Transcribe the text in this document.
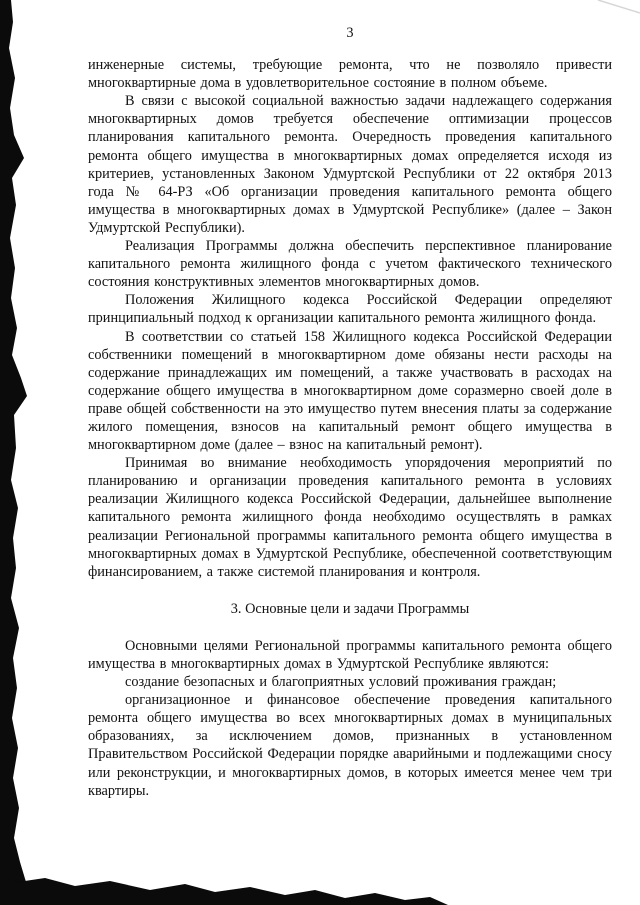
3

инженерные системы, требующие ремонта, что не позволяло привести многоквартирные дома в удовлетворительное состояние в полном объеме.

В связи с высокой социальной важностью задачи надлежащего содержания многоквартирных домов требуется обеспечение оптимизации процессов планирования капитального ремонта. Очередность проведения капитального ремонта общего имущества в многоквартирных домах определяется исходя из критериев, установленных Законом Удмуртской Республики от 22 октября 2013 года № 64-РЗ «Об организации проведения капитального ремонта общего имущества в многоквартирных домах в Удмуртской Республике» (далее – Закон Удмуртской Республики).

Реализация Программы должна обеспечить перспективное планирование капитального ремонта жилищного фонда с учетом фактического технического состояния конструктивных элементов многоквартирных домов.

Положения Жилищного кодекса Российской Федерации определяют принципиальный подход к организации капитального ремонта жилищного фонда.

В соответствии со статьей 158 Жилищного кодекса Российской Федерации собственники помещений в многоквартирном доме обязаны нести расходы на содержание принадлежащих им помещений, а также участвовать в расходах на содержание общего имущества в многоквартирном доме соразмерно своей доле в праве общей собственности на это имущество путем внесения платы за содержание жилого помещения, взносов на капитальный ремонт общего имущества в многоквартирном доме (далее – взнос на капитальный ремонт).

Принимая во внимание необходимость упорядочения мероприятий по планированию и организации проведения капитального ремонта в условиях реализации Жилищного кодекса Российской Федерации, дальнейшее выполнение капитального ремонта жилищного фонда необходимо осуществлять в рамках реализации Региональной программы капитального ремонта общего имущества в многоквартирных домах в Удмуртской Республике, обеспеченной соответствующим финансированием, а также системой планирования и контроля.

3. Основные цели и задачи Программы

Основными целями Региональной программы капитального ремонта общего имущества в многоквартирных домах в Удмуртской Республике являются:

создание безопасных и благоприятных условий проживания граждан;

организационное и финансовое обеспечение проведения капитального ремонта общего имущества во всех многоквартирных домах в муниципальных образованиях, за исключением домов, признанных в установленном Правительством Российской Федерации порядке аварийными и подлежащими сносу или реконструкции, и многоквартирных домов, в которых имеется менее чем три квартиры.
